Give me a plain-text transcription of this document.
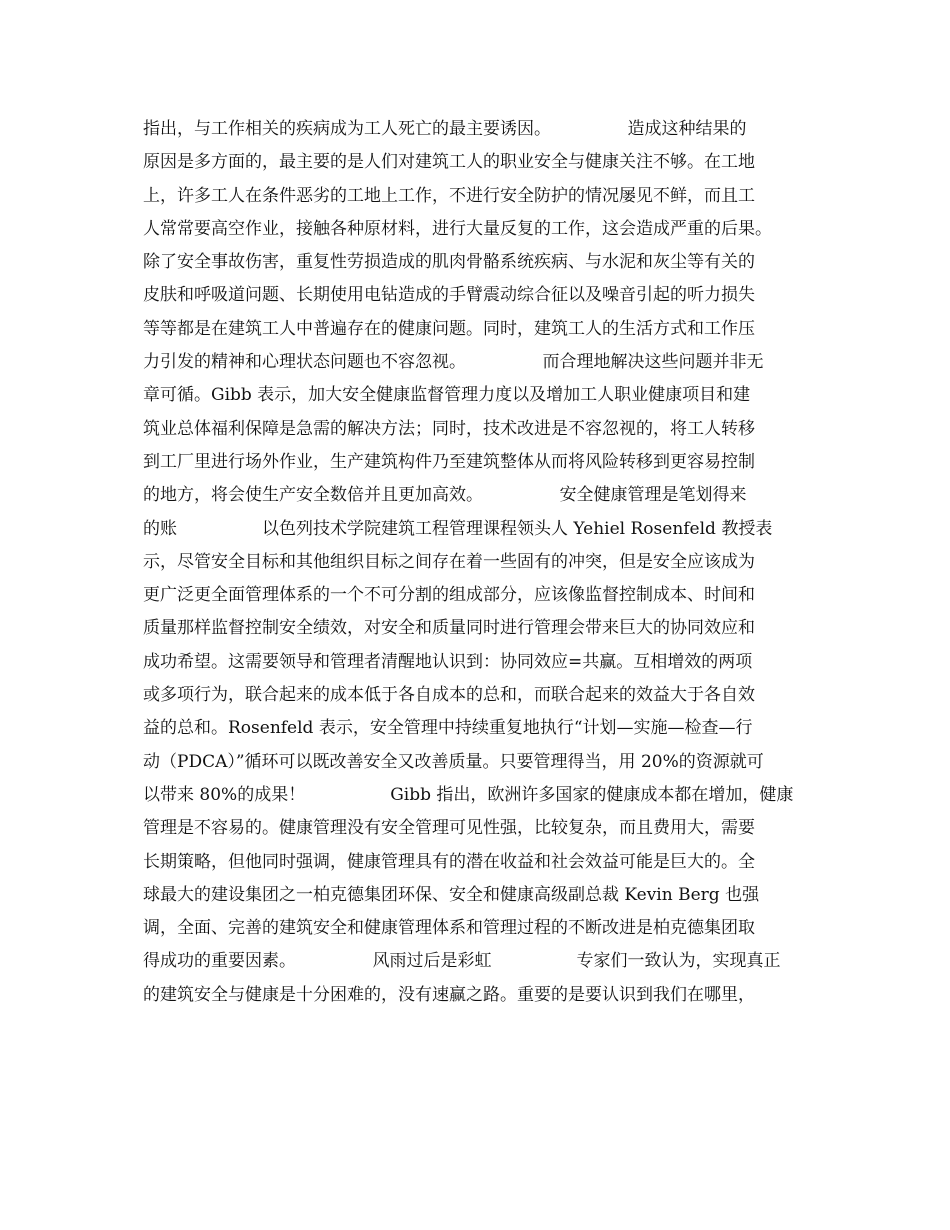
指出，与工作相关的疾病成为工人死亡的最主要诱因。　　　　　造成这种结果的
原因是多方面的，最主要的是人们对建筑工人的职业安全与健康关注不够。在工地
上，许多工人在条件恶劣的工地上工作，不进行安全防护的情况屡见不鲜，而且工
人常常要高空作业，接触各种原材料，进行大量反复的工作，这会造成严重的后果。
除了安全事故伤害，重复性劳损造成的肌肉骨骼系统疾病、与水泥和灰尘等有关的
皮肤和呼吸道问题、长期使用电钻造成的手臂震动综合征以及噪音引起的听力损失
等等都是在建筑工人中普遍存在的健康问题。同时，建筑工人的生活方式和工作压
力引发的精神和心理状态问题也不容忽视。　　　　　而合理地解决这些问题并非无
章可循。Gibb 表示，加大安全健康监督管理力度以及增加工人职业健康项目和建
筑业总体福利保障是急需的解决方法；同时，技术改进是不容忽视的，将工人转移
到工厂里进行场外作业，生产建筑构件乃至建筑整体从而将风险转移到更容易控制
的地方，将会使生产安全数倍并且更加高效。　　　　　安全健康管理是笔划得来
的账　　　　　以色列技术学院建筑工程管理课程领头人 Yehiel Rosenfeld 教授表
示，尽管安全目标和其他组织目标之间存在着一些固有的冲突，但是安全应该成为
更广泛更全面管理体系的一个不可分割的组成部分，应该像监督控制成本、时间和
质量那样监督控制安全绩效，对安全和质量同时进行管理会带来巨大的协同效应和
成功希望。这需要领导和管理者清醒地认识到：协同效应=共赢。互相增效的两项
或多项行为，联合起来的成本低于各自成本的总和，而联合起来的效益大于各自效
益的总和。Rosenfeld 表示，安全管理中持续重复地执行“计划—实施—检查—行
动（PDCA）”循环可以既改善安全又改善质量。只要管理得当，用 20%的资源就可
以带来 80%的成果！　　　　　Gibb 指出，欧洲许多国家的健康成本都在增加，健康
管理是不容易的。健康管理没有安全管理可见性强，比较复杂，而且费用大，需要
长期策略，但他同时强调，健康管理具有的潜在收益和社会效益可能是巨大的。全
球最大的建设集团之一柏克德集团环保、安全和健康高级副总裁 Kevin Berg 也强
调，全面、完善的建筑安全和健康管理体系和管理过程的不断改进是柏克德集团取
得成功的重要因素。　　　　　风雨过后是彩虹　　　　　专家们一致认为，实现真正
的建筑安全与健康是十分困难的，没有速赢之路。重要的是要认识到我们在哪里，
